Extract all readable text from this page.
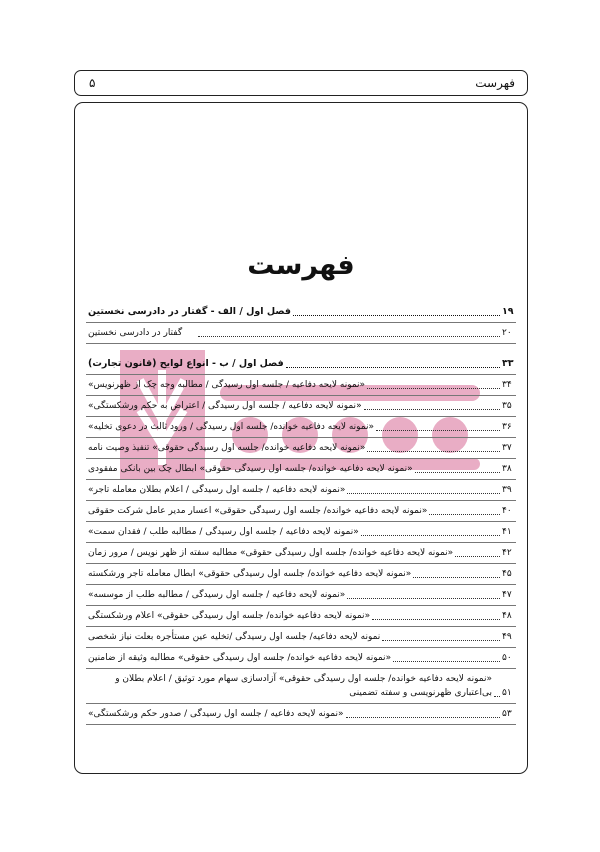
۵	فهرست
فهرست
فصل اول / الف - گفتار در دادرسی نخستین	۱۹
گفتار در دادرسی نخستین	۲۰
فصل اول / ب - انواع لوایح (قانون تجارت)	۳۳
«نمونه لایحه دفاعیه / جلسه اول رسیدگی / مطالبه وجه چک از ظهرنویس»	۳۴
«نمونه لایحه دفاعیه / جلسه اول رسیدگی / اعتراض به حکم ورشکستگی»	۳۵
«نمونه لایحه دفاعیه خوانده/ جلسه اول رسیدگی / ورود ثالث در دعوی تخلیه»	۳۶
«نمونه لایحه دفاعیه خوانده/ جلسه اول رسیدگی حقوقی» تنفیذ وصیت نامه	۳۷
«نمونه لایحه دفاعیه خوانده/ جلسه اول رسیدگی حقوقی» ابطال چک بین بانکی مفقودی	۳۸
«نمونه لایحه دفاعیه / جلسه اول رسیدگی / اعلام بطلان معامله تاجر»	۳۹
«نمونه لایحه دفاعیه خوانده/ جلسه اول رسیدگی حقوقی» اعسار مدیر عامل شرکت حقوقی	۴۰
«نمونه لایحه دفاعیه / جلسه اول رسیدگی / مطالبه طلب / فقدان سمت»	۴۱
«نمونه لایحه دفاعیه خوانده/ جلسه اول رسیدگی حقوقی» مطالبه سفته از ظهر نویس / مرور زمان	۴۲
«نمونه لایحه دفاعیه خوانده/ جلسه اول رسیدگی حقوقی» ابطال معامله تاجر ورشکسته	۴۵
«نمونه لایحه دفاعیه / جلسه اول رسیدگی / مطالبه طلب از موسسه»	۴۷
«نمونه لایحه دفاعیه خوانده/ جلسه اول رسیدگی حقوقی» اعلام ورشکستگی	۴۸
نمونه لایحه دفاعیه/ جلسه اول رسیدگی /تخلیه عین مستأجره بعلت نیاز شخصی	۴۹
«نمونه لایحه دفاعیه خوانده/ جلسه اول رسیدگی حقوقی» مطالبه وثیقه از ضامنین	۵۰
«نمونه لایحه دفاعیه خوانده/ جلسه اول رسیدگی حقوقی» آزادسازی سهام مورد توثیق / اعلام بطلان و بی‌اعتباری ظهرنویسی و سفته تضمینی ۵۱
«نمونه لایحه دفاعیه / جلسه اول رسیدگی / صدور حکم ورشکستگی»	۵۳
